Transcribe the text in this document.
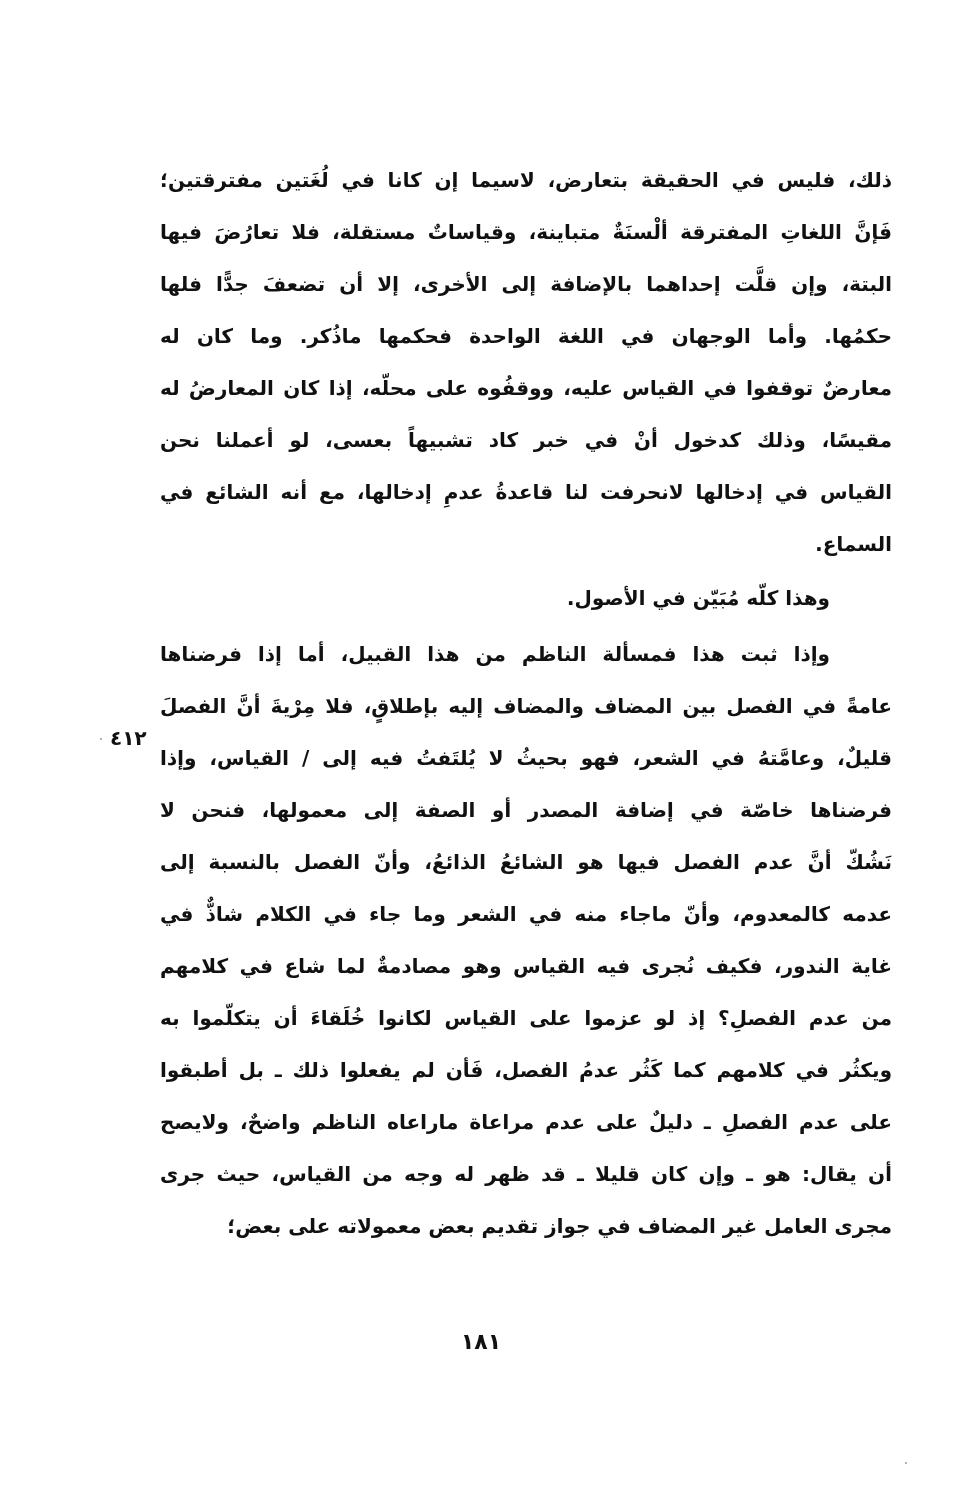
ذلك، فليس في الحقيقة بتعارض، لاسيما إن كانا في لُغَتين مفترقتين؛
فَإنَّ اللغاتِ المفترقة ألْسنَةٌ متباينة، وقياساتٌ مستقلة، فلا تعارُضَ فيها
البتة، وإن قلَّت إحداهما بالإضافة إلى الأخرى، إلا أن تضعفَ جدًّا فلها
حكمُها. وأما الوجهان في اللغة الواحدة فحكمها ماذُكر. وما كان له
معارضٌ توقفوا في القياس عليه، ووقفُوه على محلّه، إذا كان المعارضُ له
مقيسًا، وذلك كدخول أنْ في خبر كاد تشبيهاً بعسى، لو أعملنا نحن
القياس في إدخالها لانحرفت لنا قاعدةُ عدمِ إدخالها، مع أنه الشائع في
السماع.
وهذا كلّه مُبَيّن في الأصول.
وإذا ثبت هذا فمسألة الناظم من هذا القبيل، أما إذا فرضناها
عامةً في الفصل بين المضاف والمضاف إليه بإطلاقٍ، فلا مِرْيةَ أنَّ الفصلَ
قليلٌ، وعامَّتهُ في الشعر، فهو بحيثُ لا يُلتَفتُ فيه إلى / القياس، وإذا
فرضناها خاصّة في إضافة المصدر أو الصفة إلى معمولها، فنحن لا
نَشُكّ أنَّ عدم الفصل فيها هو الشائعُ الذائعُ، وأنّ الفصل بالنسبة إلى
عدمه كالمعدوم، وأنّ ماجاء منه في الشعر وما جاء في الكلام شاذٌّ في
غاية الندور، فكيف نُجرى فيه القياس وهو مصادمةٌ لما شاع في كلامهم
من عدم الفصلِ؟ إذ لو عزموا على القياس لكانوا خُلَقاءَ أن يتكلّموا به
ويكثُر في كلامهم كما كَثُر عدمُ الفصل، فَأن لم يفعلوا ذلك ـ بل أطبقوا
على عدم الفصلِ ـ دليلٌ على عدم مراعاة ماراعاه الناظم واضحٌ، ولايصح
أن يقال: هو ـ وإن كان قليلا ـ قد ظهر له وجه من القياس، حيث جرى
مجرى العامل غير المضاف في جواز تقديم بعض معمولاته على بعض؛
٤١٢
١٨١
